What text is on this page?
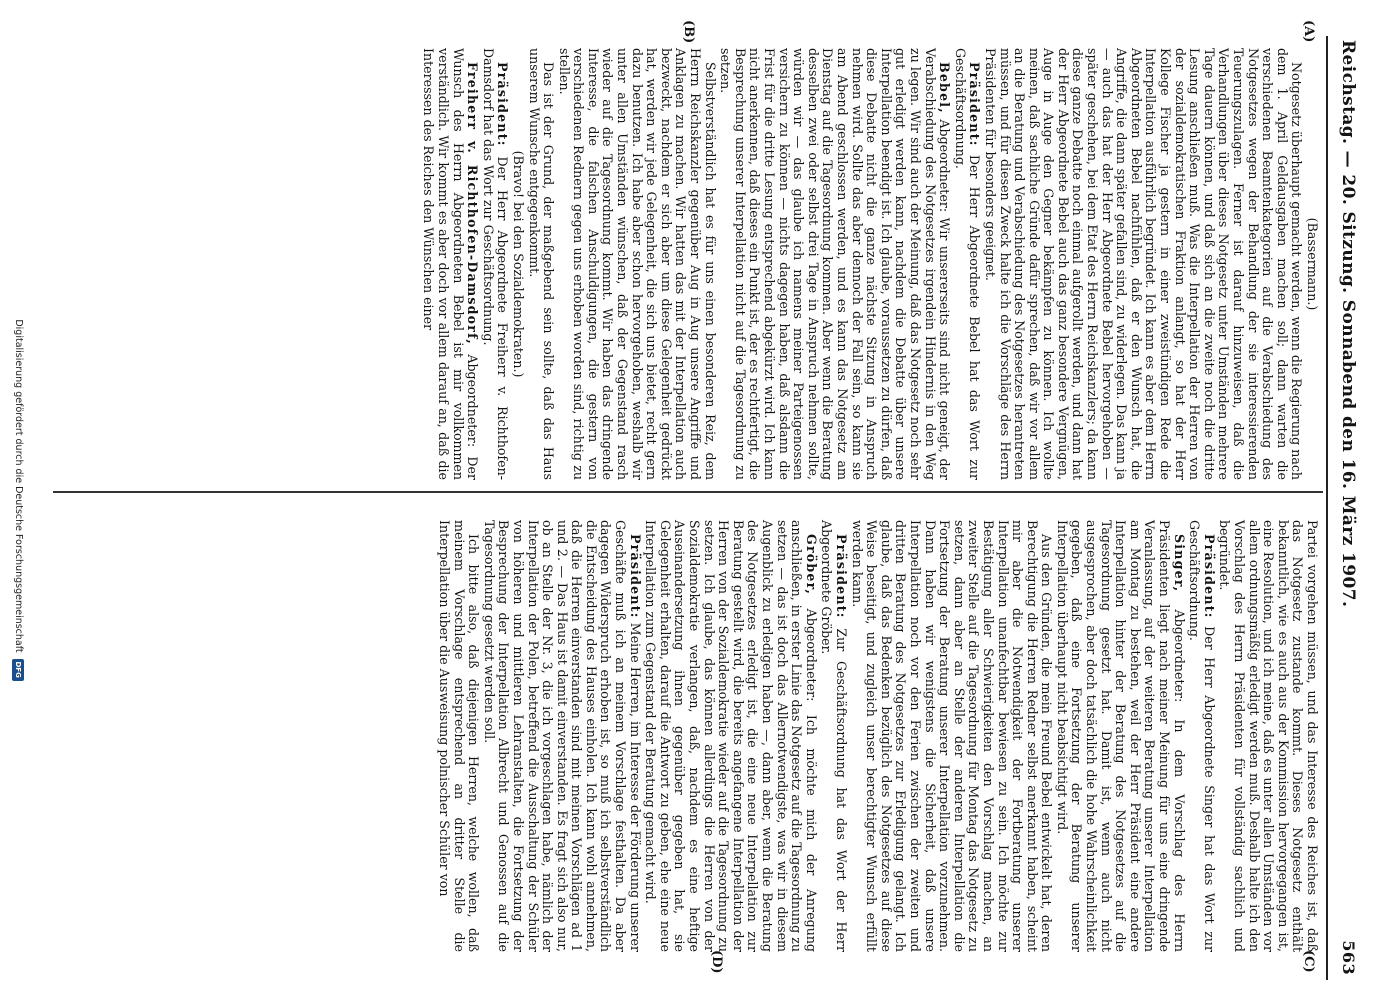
Reichstag. — 20. Sitzung. Sonnabend den 16. März 1907.
563
(A)
(B)
(C)
(D)

(Bassermann.)

Notgesetz überhaupt gemacht werden, wenn die Regierung nach dem 1. April Geldausgaben machen soll; dann warten die verschiedenen Beamtenkategorien auf die Verabschiedung des Notgesetzes wegen der Behandlung der sie interessierenden Teuerungszulagen. Ferner ist darauf hinzuweisen, daß die Verhandlungen über dieses Notgesetz unter Umständen mehrere Tage dauern können, und daß sich an die zweite noch die dritte Lesung anschließen muß. Was die Interpellation der Herren von der sozialdemokratischen Fraktion anlangt, so hat der Herr Kollege Fischer ja gestern in einer zweistündigen Rede die Interpellation ausführlich begründet. Ich kann es aber dem Herrn Abgeordneten Bebel nachfühlen, daß er den Wunsch hat, die Angriffe, die dann später gefallen sind, zu widerlegen. Das kann ja — auch das hat der Herr Abgeordnete Bebel hervorgehoben — später geschehen, bei dem Etat des Herrn Reichskanzlers; da kann diese ganze Debatte noch einmal aufgerollt werden, und dann hat der Herr Abgeordnete Bebel auch das ganz besondere Vergnügen, Auge in Auge den Gegner bekämpfen zu können. Ich wollte meinen, daß sachliche Gründe dafür sprechen, daß wir vor allem an die Beratung und Verabschiedung des Notgesetzes herantreten müssen, und für diesen Zweck halte ich die Vorschläge des Herrn Präsidenten für besonders geeignet.

Präsident: Der Herr Abgeordnete Bebel hat das Wort zur Geschäftsordnung.

Bebel, Abgeordneter: Wir unsererseits sind nicht geneigt, der Verabschiedung des Notgesetzes irgendein Hindernis in den Weg zu legen. Wir sind auch der Meinung, daß das Notgesetz noch sehr gut erledigt werden kann, nachdem die Debatte über unsere Interpellation beendigt ist. Ich glaube, voraussetzen zu dürfen, daß diese Debatte nicht die ganze nächste Sitzung in Anspruch nehmen wird. Sollte das aber dennoch der Fall sein, so kann sie am Abend geschlossen werden, und es kann das Notgesetz am Dienstag auf die Tagesordnung kommen. Aber wenn die Beratung desselben zwei oder selbst drei Tage in Anspruch nehmen sollte, würden wir — das glaube ich namens meiner Parteigenossen versichern zu können — nichts dagegen haben, daß alsdann die Frist für die dritte Lesung entsprechend abgekürzt wird. Ich kann nicht anerkennen, daß dieses ein Punkt ist, der es rechtfertigt, die Besprechung unserer Interpellation nicht auf die Tagesordnung zu setzen.

Selbstverständlich hat es für uns einen besonderen Reiz, dem Herrn Reichskanzler gegenüber Aug in Aug unsere Angriffe und Anklagen zu machen. Wir hatten das mit der Interpellation auch bezweckt, nachdem er sich aber um diese Gelegenheit gedrückt hat, werden wir jede Gelegenheit, die sich uns bietet, recht gern dazu benutzen. Ich habe aber schon hervorgehoben, weshalb wir unter allen Umständen wünschen, daß der Gegenstand rasch wieder auf die Tagesordnung kommt. Wir haben das dringende Interesse, die falschen Anschuldigungen, die gestern von verschiedenen Rednern gegen uns erhoben worden sind, richtig zu stellen.

Das ist der Grund, der maßgebend sein sollte, daß das Haus unserem Wunsche entgegenkommt.

(Bravo! bei den Sozialdemokraten.)

Präsident: Der Herr Abgeordnete Freiherr v. Richthofen-Damsdorf hat das Wort zur Geschäftsordnung.

Freiherr v. Richthofen-Damsdorf, Abgeordneter: Der Wunsch des Herrn Abgeordneten Bebel ist mir vollkommen verständlich. Wir kommt es aber doch vor allem darauf an, daß die Interessen des Reiches den Wünschen einer

Partei vorgehen müssen, und das Interesse des Reiches ist, daß das Notgesetz zustande kommt. Dieses Notgesetz enthält bekanntlich, wie es auch aus der Kommission hervorgegangen ist, eine Resolution, und ich meine, daß es unter allen Umständen vor allem ordnungsmäßig erledigt werden muß. Deshalb halte ich den Vorschlag des Herrn Präsidenten für vollständig sachlich und begründet.

Präsident: Der Herr Abgeordnete Singer hat das Wort zur Geschäftsordnung.

Singer, Abgeordneter: In dem Vorschlag des Herrn Präsidenten liegt nach meiner Meinung für uns eine dringende Veranlassung, auf der weiteren Beratung unserer Interpellation am Montag zu bestehen, weil der Herr Präsident eine andere Interpellation hinter der Beratung des Notgesetzes auf die Tagesordnung gesetzt hat. Damit ist, wenn auch nicht ausgesprochen, aber doch tatsächlich die hohe Wahrscheinlichkeit gegeben, daß eine Fortsetzung der Beratung unserer Interpellation überhaupt nicht beabsichtigt wird.

Aus den Gründen, die mein Freund Bebel entwickelt hat, deren Berechtigung die Herren Redner selbst anerkannt haben, scheint mir aber die Notwendigkeit der Fortberatung unserer Interpellation unanfechtbar bewiesen zu sein. Ich möchte zur Bestätigung aller Schwierigkeiten den Vorschlag machen, an zweiter Stelle auf die Tagesordnung für Montag das Notgesetz zu setzen, dann aber an Stelle der anderen Interpellation die Fortsetzung der Beratung unserer Interpellation vorzunehmen. Dann haben wir wenigstens die Sicherheit, daß unsere Interpellation noch vor den Ferien zwischen der zweiten und dritten Beratung des Notgesetzes zur Erledigung gelangt. Ich glaube, daß das Bedenken bezüglich des Notgesetzes auf diese Weise beseitigt, und zugleich unser berechtigter Wunsch erfüllt werden kann.

Präsident: Zur Geschäftsordnung hat das Wort der Herr Abgeordnete Gröber.

Gröber, Abgeordneter: Ich möchte mich der Anregung anschließen, in erster Linie das Notgesetz auf die Tagesordnung zu setzen — das ist doch das Allernotwendigste, was wir in diesem Augenblick zu erledigen haben —, dann aber, wenn die Beratung des Notgesetzes erledigt ist, die eine neue Interpellation zur Beratung gestellt wird, die bereits angefangene Interpellation der Herren von der Sozialdemokratie wieder auf die Tagesordnung zu setzen. Ich glaube, das können allerdings die Herren von der Sozialdemokratie verlangen, daß, nachdem es eine heftige Auseinandersetzung ihnen gegenüber gegeben hat, sie Gelegenheit erhalten, darauf die Antwort zu geben, ehe eine neue Interpellation zum Gegenstand der Beratung gemacht wird.

Präsident: Meine Herren, im Interesse der Förderung unserer Geschäfte muß ich an meinem Vorschlage festhalten. Da aber dagegen Widerspruch erhoben ist, so muß ich selbstverständlich die Entscheidung des Hauses einholen. Ich kann wohl annehmen, daß die Herren einverstanden sind mit meinen Vorschlägen ad 1 und 2. — Das Haus ist damit einverstanden. Es fragt sich also nur, ob an Stelle der Nr. 3, die ich vorgeschlagen habe, nämlich der Interpellation der Polen, betreffend die Ausschaltung der Schüler von höheren und mittleren Lehranstalten, die Fortsetzung der Besprechung der Interpellation Albrecht und Genossen auf die Tagesordnung gesetzt werden soll.

Ich bitte also, daß diejenigen Herren, welche wollen, daß meinem Vorschlage entsprechend an dritter Stelle die Interpellation über die Ausweisung polnischer Schüler von

Digitalisierung gefördert durch die Deutsche Forschungsgemeinschaft
DFG
